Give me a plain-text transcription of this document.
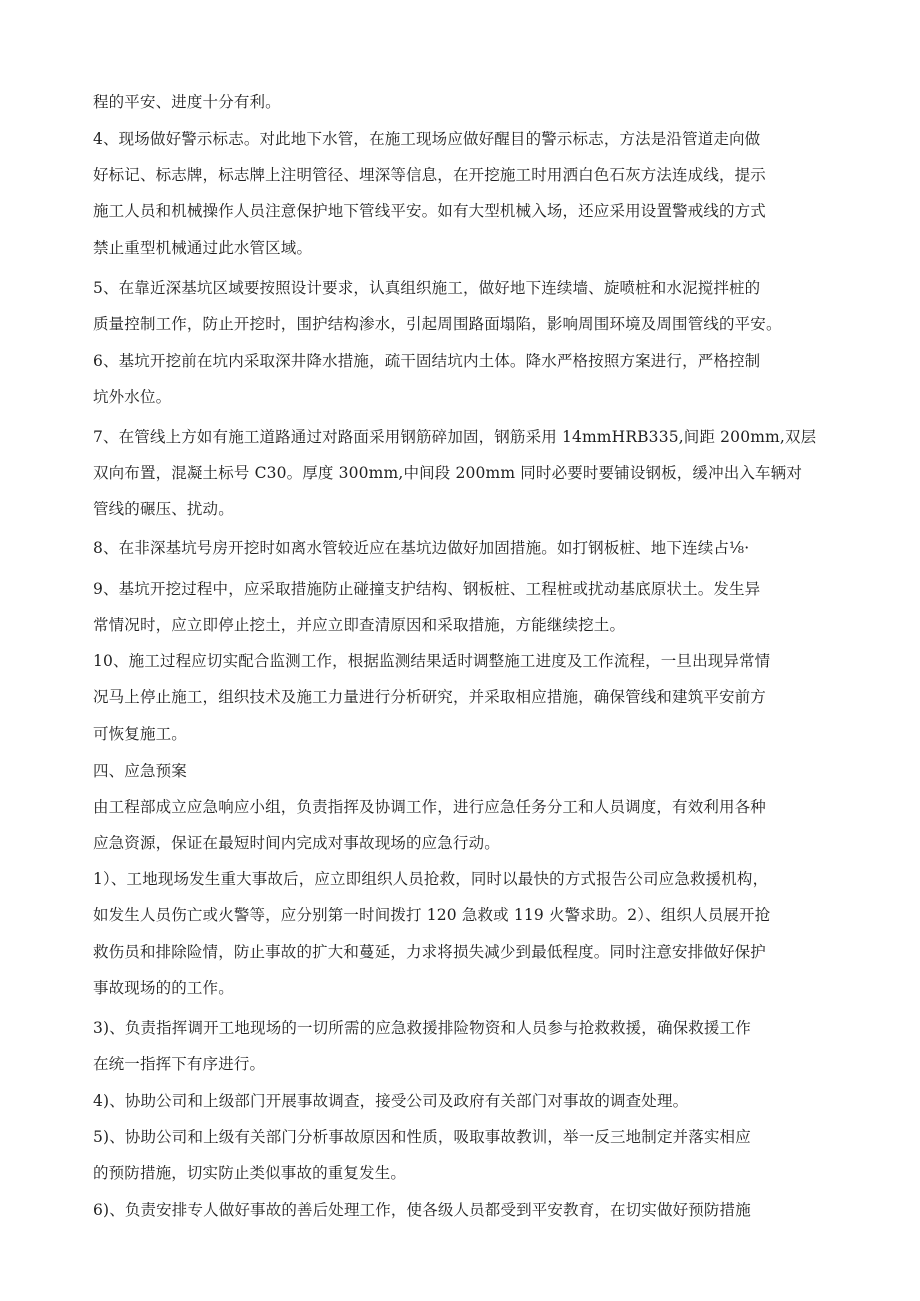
程的平安、进度十分有利。
4、现场做好警示标志。对此地下水管，在施工现场应做好醒目的警示标志，方法是沿管道走向做
好标记、标志牌，标志牌上注明管径、埋深等信息，在开挖施工时用洒白色石灰方法连成线，提示
施工人员和机械操作人员注意保护地下管线平安。如有大型机械入场，还应采用设置警戒线的方式
禁止重型机械通过此水管区域。
5、在靠近深基坑区域要按照设计要求，认真组织施工，做好地下连续墙、旋喷桩和水泥搅拌桩的
质量控制工作，防止开挖时，围护结构渗水，引起周围路面塌陷，影响周围环境及周围管线的平安。
6、基坑开挖前在坑内采取深井降水措施，疏干固结坑内土体。降水严格按照方案进行，严格控制
坑外水位。
7、在管线上方如有施工道路通过对路面采用钢筋碎加固，钢筋采用 14mmHRB335,间距 200mm,双层
双向布置，混凝土标号 C30。厚度 300mm,中间段 200mm 同时必要时要铺设钢板，缓冲出入车辆对
管线的碾压、扰动。
8、在非深基坑号房开挖时如离水管较近应在基坑边做好加固措施。如打钢板桩、地下连续占⅛·
9、基坑开挖过程中，应采取措施防止碰撞支护结构、钢板桩、工程桩或扰动基底原状土。发生异
常情况时，应立即停止挖土，并应立即查清原因和采取措施，方能继续挖土。
10、施工过程应切实配合监测工作，根据监测结果适时调整施工进度及工作流程，一旦出现异常情
况马上停止施工，组织技术及施工力量进行分析研究，并采取相应措施，确保管线和建筑平安前方
可恢复施工。
四、应急预案
由工程部成立应急响应小组，负责指挥及协调工作，进行应急任务分工和人员调度，有效利用各种
应急资源，保证在最短时间内完成对事故现场的应急行动。
1）、工地现场发生重大事故后，应立即组织人员抢救，同时以最快的方式报告公司应急救援机构，
如发生人员伤亡或火警等，应分别第一时间拨打 120 急救或 119 火警求助。2）、组织人员展开抢
救伤员和排除险情，防止事故的扩大和蔓延，力求将损失减少到最低程度。同时注意安排做好保护
事故现场的的工作。
3)、负责指挥调开工地现场的一切所需的应急救援排险物资和人员参与抢救救援，确保救援工作
在统一指挥下有序进行。
4)、协助公司和上级部门开展事故调查，接受公司及政府有关部门对事故的调查处理。
5)、协助公司和上级有关部门分析事故原因和性质，吸取事故教训，举一反三地制定并落实相应
的预防措施，切实防止类似事故的重复发生。
6)、负责安排专人做好事故的善后处理工作，使各级人员都受到平安教育，在切实做好预防措施
